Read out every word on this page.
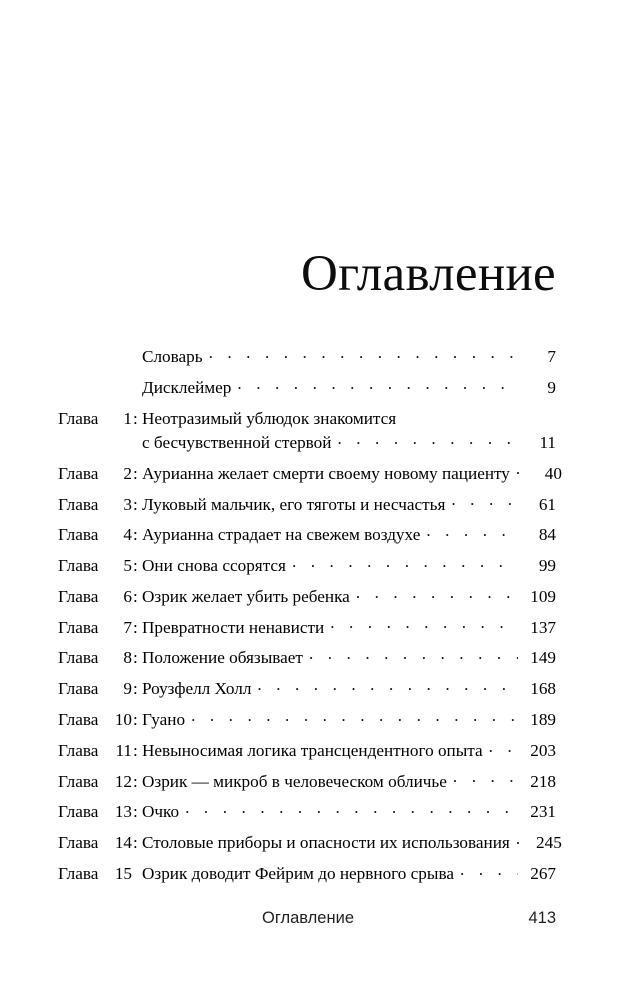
Оглавление
Словарь . . .	7
Дисклеймер . . .	9
Глава	1 : Неотразимый ублюдок знакомится
с бесчувственной стервой . . .	11
Глава	2 : Аурианна желает смерти своему новому пациенту . . .	40
Глава	3 : Луковый мальчик, его тяготы и несчастья . . .	61
Глава	4 : Аурианна страдает на свежем воздухе . . .	84
Глава	5 : Они снова ссорятся . . .	99
Глава	6 : Озрик желает убить ребенка . . .	109
Глава	7 : Превратности ненависти . . .	137
Глава	8 : Положение обязывает . . .	149
Глава	9 : Роузфелл Холл . . .	168
Глава 10 : Гуано . . .	189
Глава 11 : Невыносимая логика трансцендентного опыта . . .	203
Глава 12 : Озрик — микроб в человеческом обличье . . .	218
Глава 13 : Очко . . .	231
Глава 14 : Столовые приборы и опасности их использования . . .	245
Глава 15 Озрик доводит Фейрим до нервного срыва . . .	267
Оглавление	413
